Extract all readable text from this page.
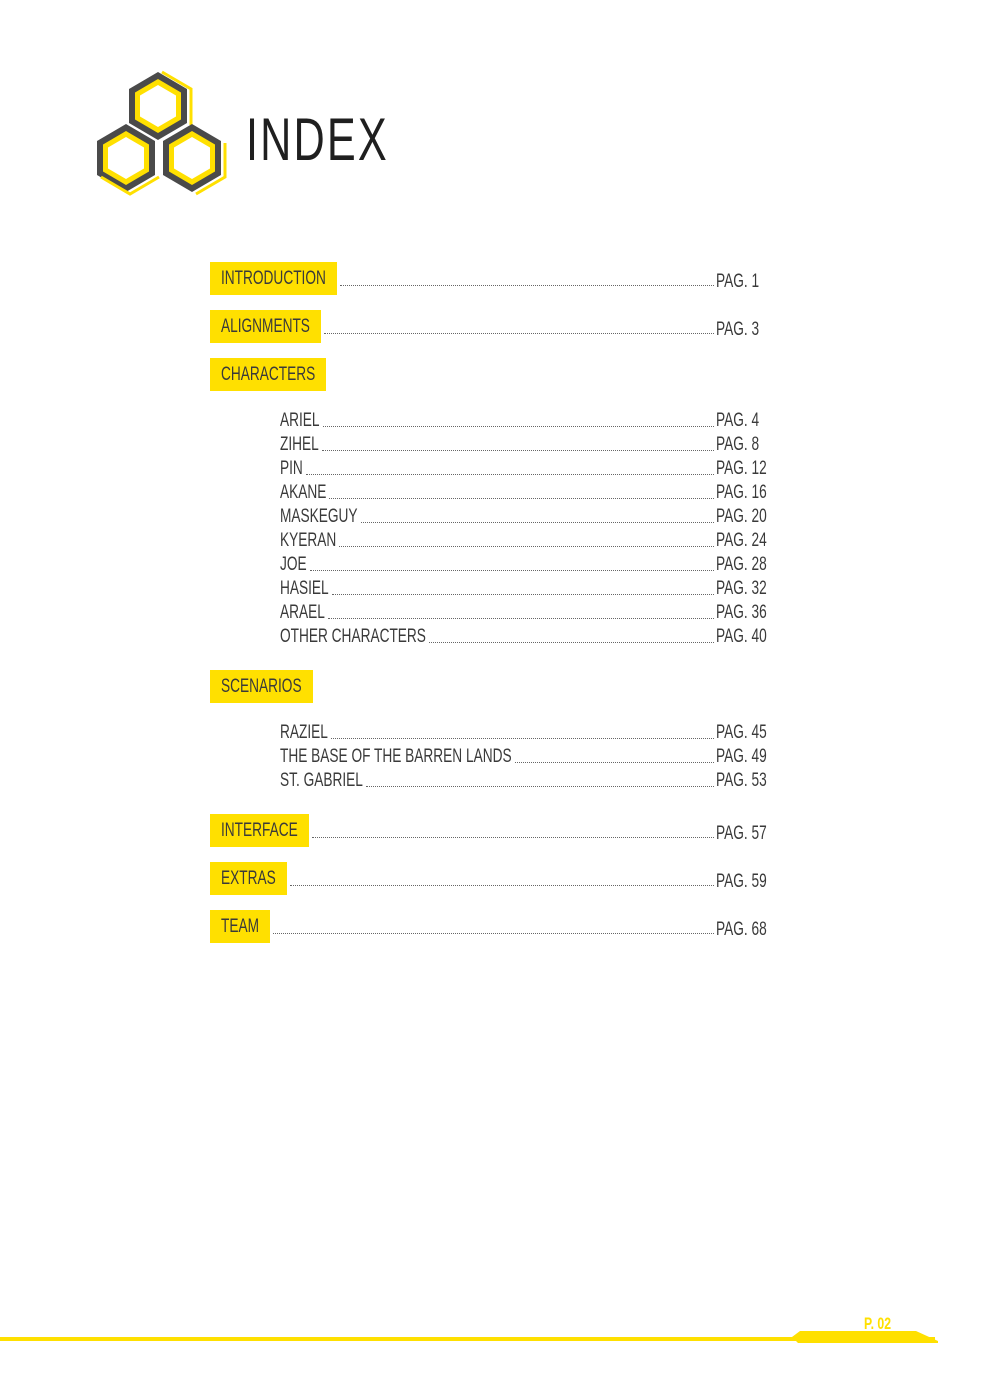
INDEX
INTRODUCTION	PAG. 1
ALIGNMENTS	PAG. 3
CHARACTERS
ARIEL	PAG. 4
ZIHEL	PAG. 8
PIN	PAG. 12
AKANE	PAG. 16
MASKEGUY	PAG. 20
KYERAN	PAG. 24
JOE	PAG. 28
HASIEL	PAG. 32
ARAEL	PAG. 36
OTHER CHARACTERS	PAG. 40
SCENARIOS
RAZIEL	PAG. 45
THE BASE OF THE BARREN LANDS	PAG. 49
ST. GABRIEL	PAG. 53
INTERFACE	PAG. 57
EXTRAS	PAG. 59
TEAM	PAG. 68
P. 02
